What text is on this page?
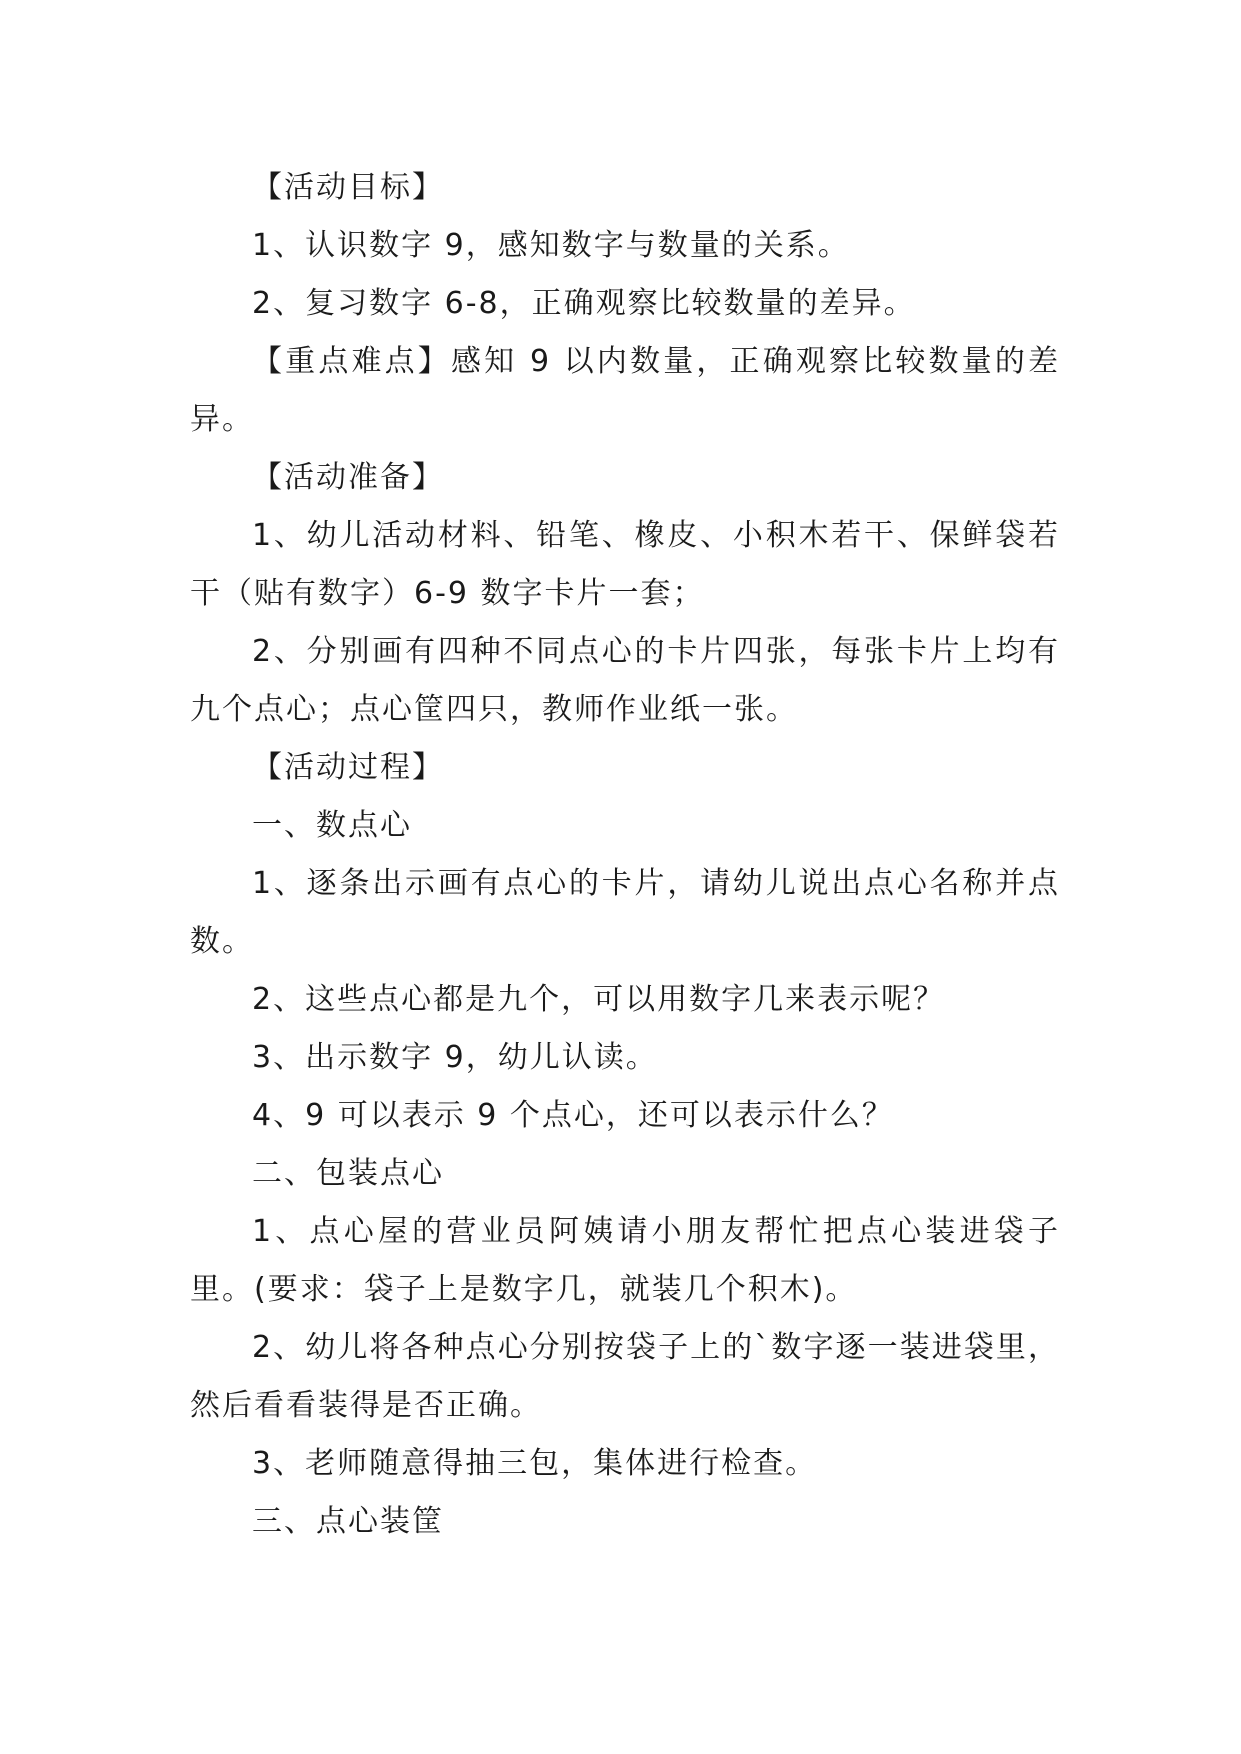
【活动目标】

1、认识数字 9，感知数字与数量的关系。

2、复习数字 6-8，正确观察比较数量的差异。

【重点难点】感知 9 以内数量，正确观察比较数量的差异。

【活动准备】

1、幼儿活动材料、铅笔、橡皮、小积木若干、保鲜袋若干（贴有数字）6-9 数字卡片一套；

2、分别画有四种不同点心的卡片四张，每张卡片上均有九个点心；点心筐四只，教师作业纸一张。

【活动过程】

一、数点心

1、逐条出示画有点心的卡片，请幼儿说出点心名称并点数。

2、这些点心都是九个，可以用数字几来表示呢？

3、出示数字 9，幼儿认读。

4、9 可以表示 9 个点心，还可以表示什么？

二、包装点心

1、点心屋的营业员阿姨请小朋友帮忙把点心装进袋子里。(要求：袋子上是数字几，就装几个积木)。

2、幼儿将各种点心分别按袋子上的`数字逐一装进袋里，然后看看装得是否正确。

3、老师随意得抽三包，集体进行检查。

三、点心装筐
